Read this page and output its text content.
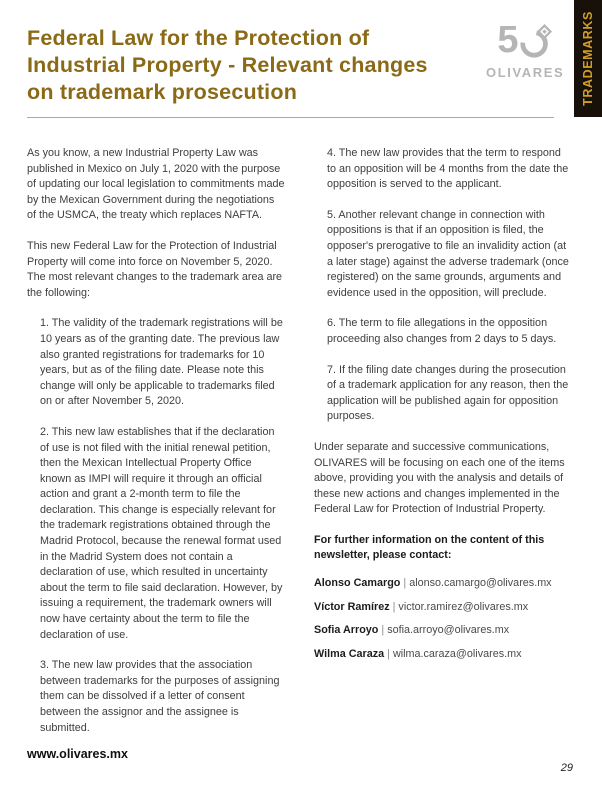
TRADEMARKS
5
OLIVARES
Federal Law for the Protection of
Industrial Property - Relevant changes
on trademark prosecution

As you know, a new Industrial Property Law was published in Mexico on July 1, 2020 with the purpose of updating our local legislation to commitments made by the Mexican Government during the negotiations of the USMCA, the treaty which replaces NAFTA.

This new Federal Law for the Protection of Industrial Property will come into force on November 5, 2020. The most relevant changes to the trademark area are the following:

1. The validity of the trademark registrations will be 10 years as of the granting date. The previous law also granted registrations for trademarks for 10 years, but as of the filing date. Please note this change will only be applicable to trademarks filed on or after November 5, 2020.

2. This new law establishes that if the declaration of use is not filed with the initial renewal petition, then the Mexican Intellectual Property Office known as IMPI will require it through an official action and grant a 2-month term to file the declaration. This change is especially relevant for the trademark registrations obtained through the Madrid Protocol, because the renewal format used in the Madrid System does not contain a declaration of use, which resulted in uncertainty about the term to file said declaration. However, by issuing a requirement, the trademark owners will now have certainty about the term to file the declaration of use.

3. The new law provides that the association between trademarks for the purposes of assigning them can be dissolved if a letter of consent between the assignor and the assignee is submitted.

4. The new law provides that the term to respond to an opposition will be 4 months from the date the opposition is served to the applicant.

5. Another relevant change in connection with oppositions is that if an opposition is filed, the opposer's prerogative to file an invalidity action (at a later stage) against the adverse trademark (once registered) on the same grounds, arguments and evidence used in the opposition, will preclude.

6. The term to file allegations in the opposition proceeding also changes from 2 days to 5 days.

7. If the filing date changes during the prosecution of a trademark application for any reason, then the application will be published again for opposition purposes.

Under separate and successive communications, OLIVARES will be focusing on each one of the items above, providing you with the analysis and details of these new actions and changes implemented in the Federal Law for Protection of Industrial Property.

For further information on the content of this newsletter, please contact:

Alonso Camargo | alonso.camargo@olivares.mx
Víctor Ramírez | victor.ramirez@olivares.mx
Sofia Arroyo | sofia.arroyo@olivares.mx
Wilma Caraza | wilma.caraza@olivares.mx
www.olivares.mx
29
